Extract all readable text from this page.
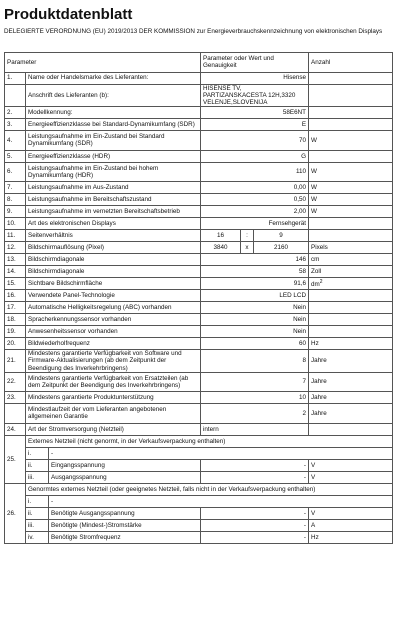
Produktdatenblatt
DELEGIERTE VERORDNUNG (EU) 2019/2013 DER KOMMISSION zur Energieverbrauchskennzeichnung von elektronischen Displays
Parameter			Parameter oder Wert und Genauigkeit			Anzahl
1.	Name oder Handelsmarke des Lieferanten:		Hisense			
	Anschrift des Lieferanten (b):		HISENSE TV, PARTIZANSKACESTA 12H,3320 VELENJE,SLOVENIJA			
2.	Modellkennung:		58E6NT			
3.	Energieeffizienzklasse bei Standard-Dynamikumfang (SDR)		E			
4.	Leistungsaufnahme im Ein-Zustand bei Standard Dynamikumfang (SDR)		70			W
5.	Energieeffizienzklasse (HDR)		G			
6.	Leistungsaufnahme im Ein-Zustand bei hohem Dynamikumfang (HDR)		110			W
7.	Leistungsaufnahme im Aus-Zustand		0,00			W
8.	Leistungsaufnahme im Bereitschaftszustand		0,50			W
9.	Leistungsaufnahme im vernetzten Bereitschaftsbetrieb		2,00			W
10.	Art des elektronischen Displays		Fernsehgerät			
11.	Seitenverhältnis		16	:	9	
12.	Bildschirmauflösung (Pixel)		3840	x	2160	Pixels
13.	Bildschirmdiagonale		146			cm
14.	Bildschirmdiagonale		58			Zoll
15.	Sichtbare Bildschirmfläche		91,6			$dm^2$
16.	Verwendete Panel-Technologie		LED LCD			
17.	Automatische Helligkeitsregelung (ABC) vorhanden		Nein			
18.	Spracherkennungssensor vorhanden		Nein			
19.	Anwesenheitssensor vorhanden		Nein			
20.	Bildwiederholfrequenz		60			Hz
21.	Mindestens garantierte Verfügbarkeit von Software und Firmware-Aktualisierungen (ab dem Zeitpunkt der Beendigung des Inverkehrbringens)		8			Jahre
22.	Mindestens garantierte Verfügbarkeit von Ersatzteilen (ab dem Zeitpunkt der Beendigung des Inverkehrbringens)		7			Jahre
23.	Mindestens garantierte Produktunterstützung		10			Jahre
	Mindestlaufzeit der vom Lieferanten angebotenen allgemeinen Garantie		2			Jahre
24.	Art der Stromversorgung (Netzteil)		intern			
25.	Externes Netzteil (nicht genormt, in der Verkaufsverpackung enthalten)					
	i.	-				
	ii.	Eingangsspannung	-			V
	iii.	Ausgangsspannung	-			V
26.	Genormtes externes Netzteil (oder geeignetes Netzteil, falls nicht in der Verkaufsverpackung enthalten)					
	i.	-				
	ii.	Benötigte Ausgangsspannung	-			V
	iii.	Benötigte (Mindest-)Stromstärke	-			A
	iv.	Benötigte Stromfrequenz	-			Hz
